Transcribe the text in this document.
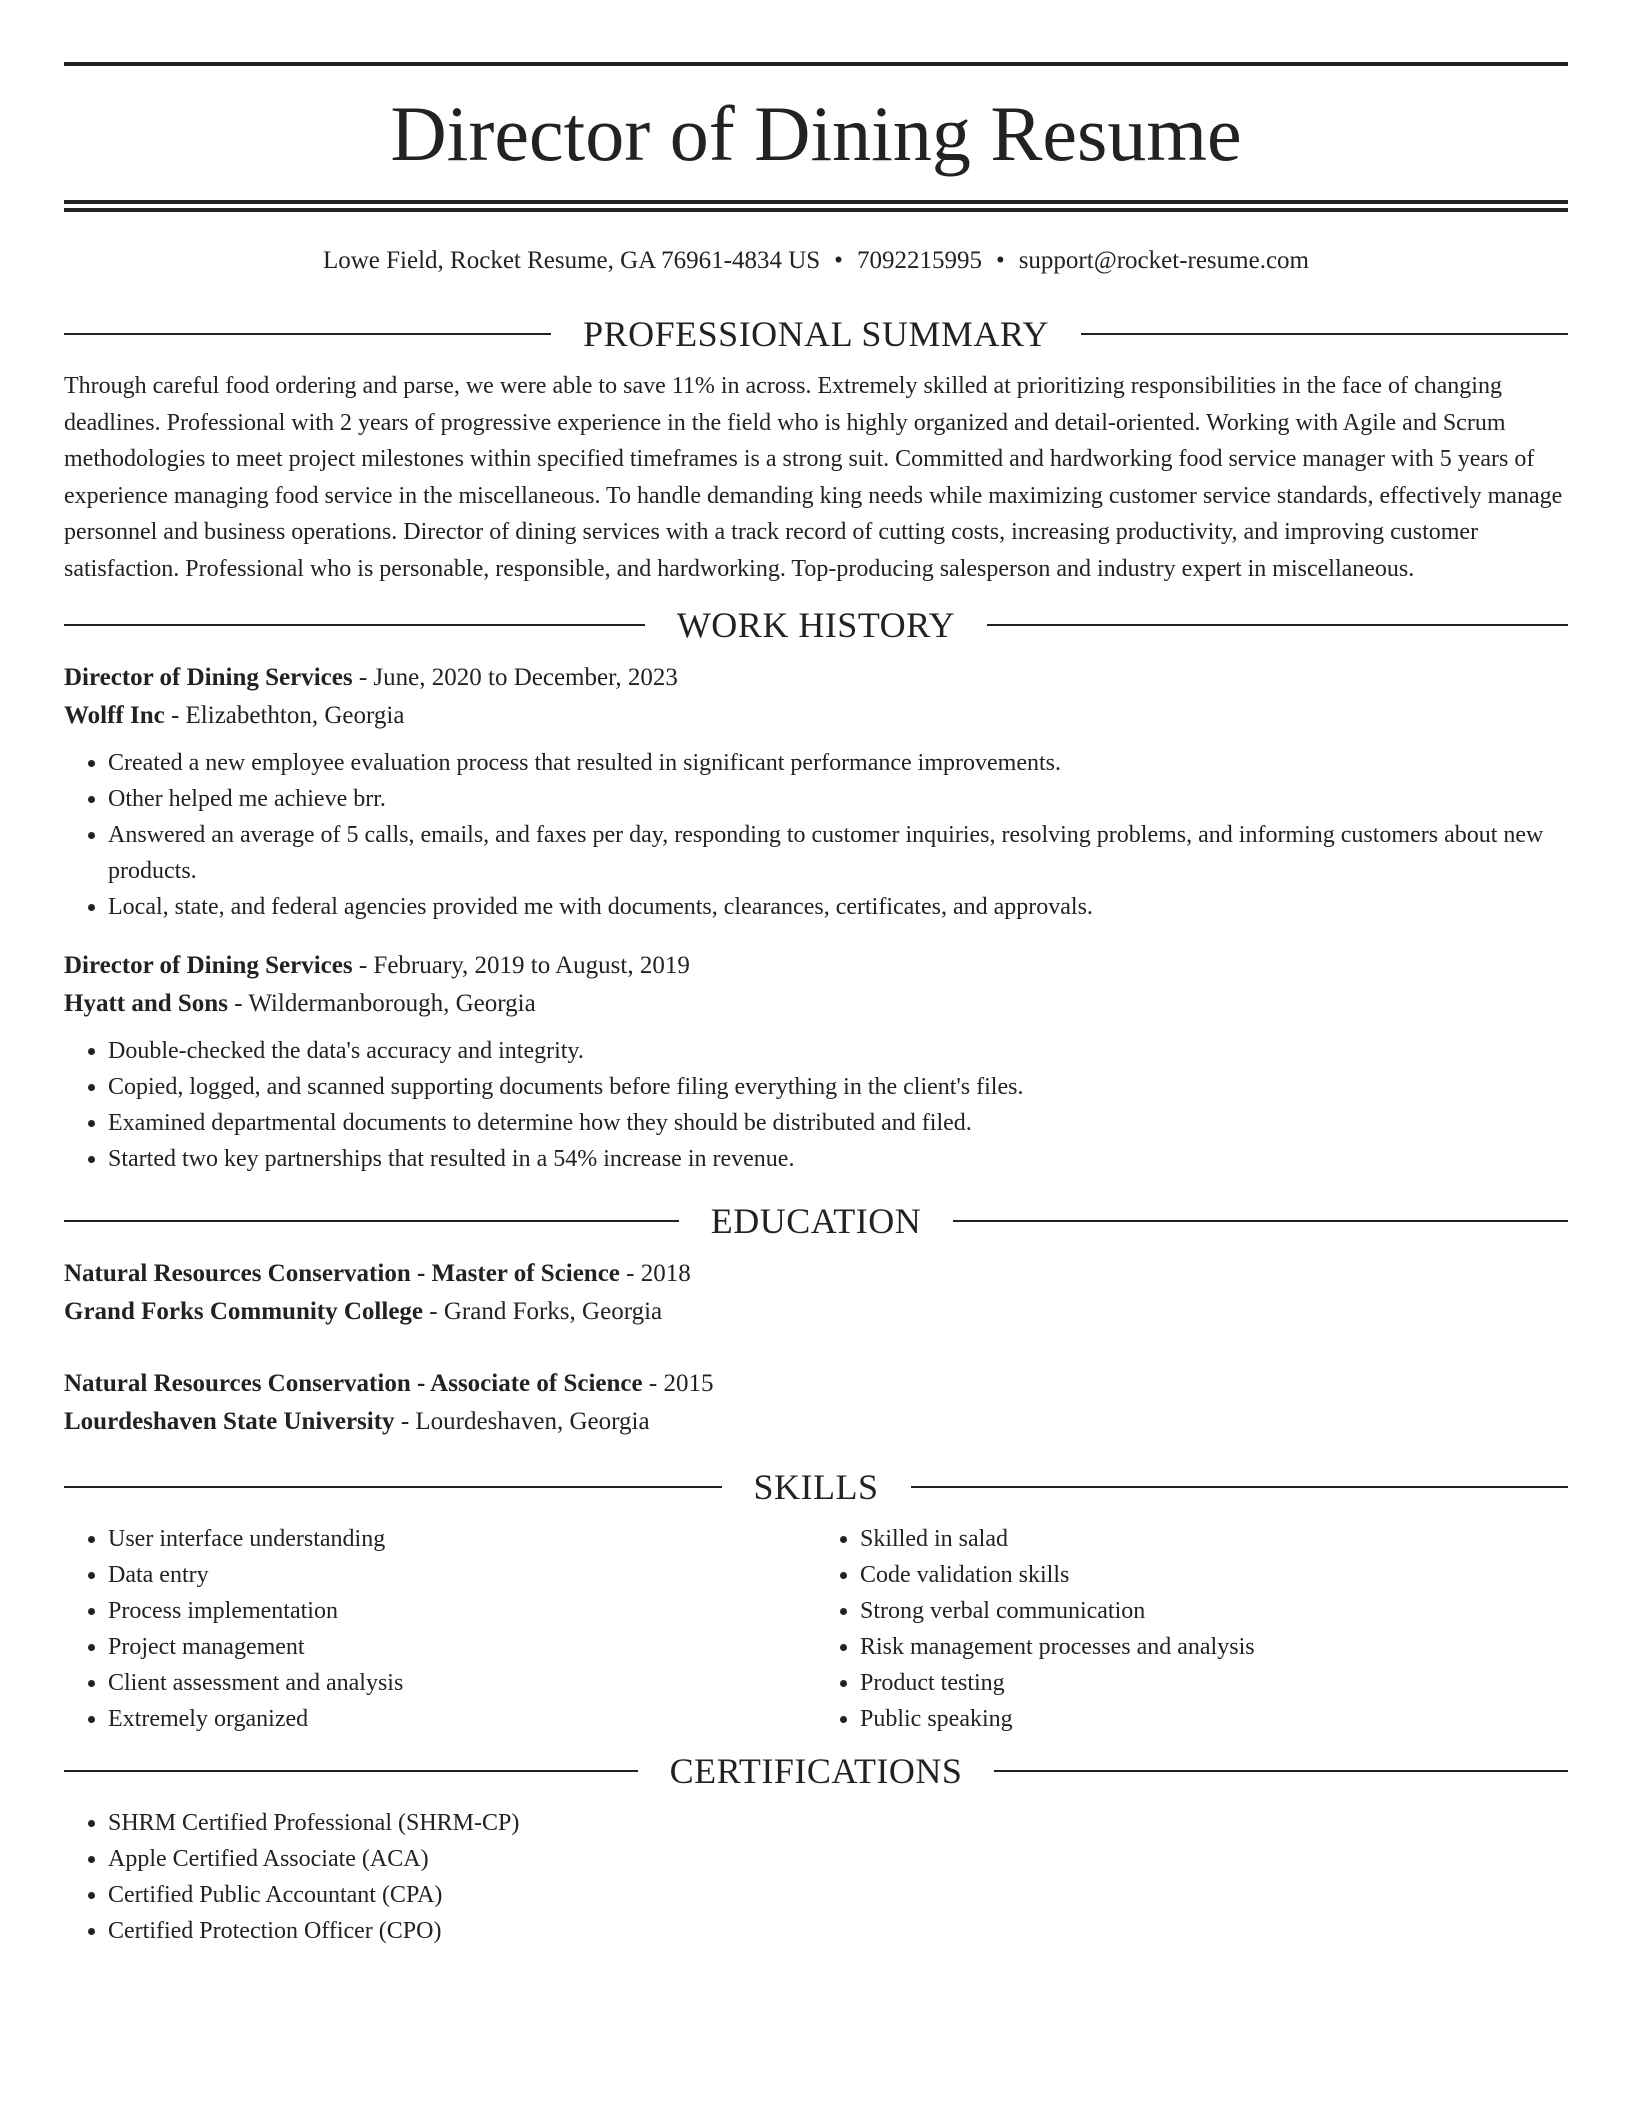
Director of Dining Resume
Lowe Field, Rocket Resume, GA 76961-4834 US • 7092215995 • support@rocket-resume.com
PROFESSIONAL SUMMARY

Through careful food ordering and parse, we were able to save 11% in across. Extremely skilled at prioritizing responsibilities in the face of changing deadlines. Professional with 2 years of progressive experience in the field who is highly organized and detail-oriented. Working with Agile and Scrum methodologies to meet project milestones within specified timeframes is a strong suit. Committed and hardworking food service manager with 5 years of experience managing food service in the miscellaneous. To handle demanding king needs while maximizing customer service standards, effectively manage personnel and business operations. Director of dining services with a track record of cutting costs, increasing productivity, and improving customer satisfaction. Professional who is personable, responsible, and hardworking. Top-producing salesperson and industry expert in miscellaneous.

WORK HISTORY
Director of Dining Services - June, 2020 to December, 2023
Wolff Inc - Elizabethton, Georgia
• Created a new employee evaluation process that resulted in significant performance improvements.
• Other helped me achieve brr.
• Answered an average of 5 calls, emails, and faxes per day, responding to customer inquiries, resolving problems, and informing customers about new products.
• Local, state, and federal agencies provided me with documents, clearances, certificates, and approvals.
Director of Dining Services - February, 2019 to August, 2019
Hyatt and Sons - Wildermanborough, Georgia
• Double-checked the data's accuracy and integrity.
• Copied, logged, and scanned supporting documents before filing everything in the client's files.
• Examined departmental documents to determine how they should be distributed and filed.
• Started two key partnerships that resulted in a 54% increase in revenue.
EDUCATION
Natural Resources Conservation - Master of Science - 2018
Grand Forks Community College - Grand Forks, Georgia
Natural Resources Conservation - Associate of Science - 2015
Lourdeshaven State University - Lourdeshaven, Georgia
SKILLS
• User interface understanding
• Data entry
• Process implementation
• Project management
• Client assessment and analysis
• Extremely organized
• Skilled in salad
• Code validation skills
• Strong verbal communication
• Risk management processes and analysis
• Product testing
• Public speaking
CERTIFICATIONS
• SHRM Certified Professional (SHRM-CP)
• Apple Certified Associate (ACA)
• Certified Public Accountant (CPA)
• Certified Protection Officer (CPO)
